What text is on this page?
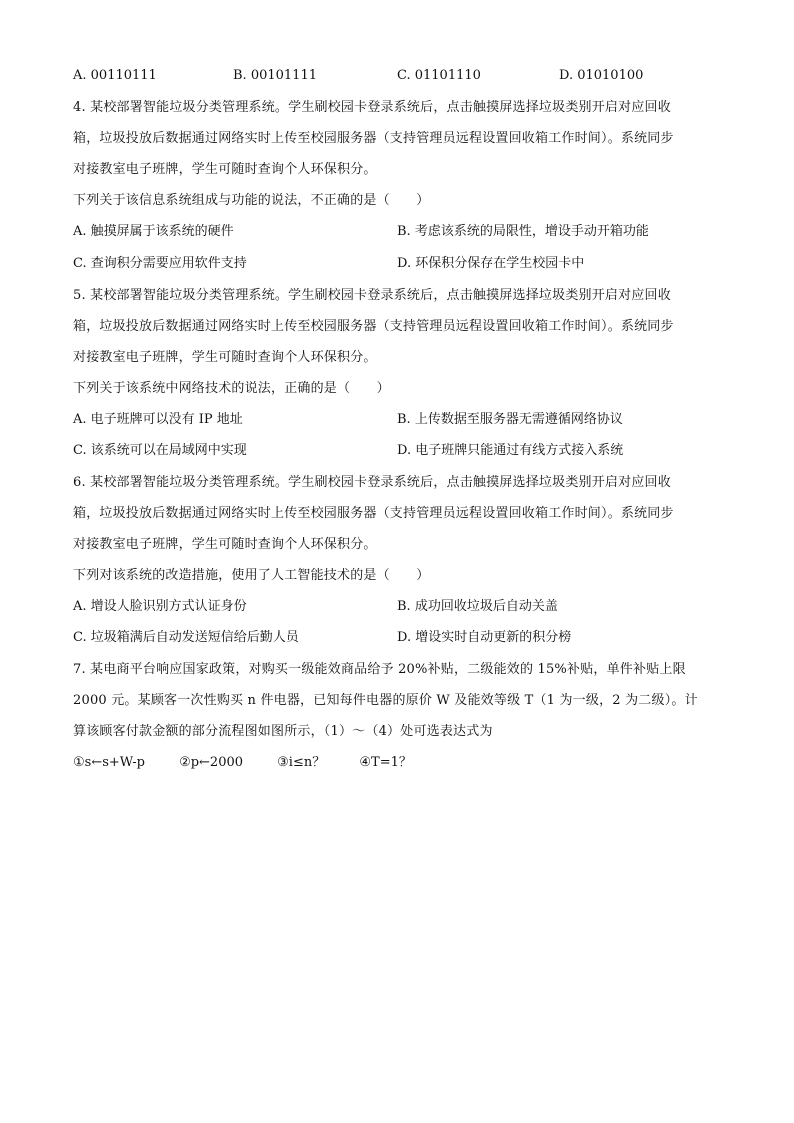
A. 00110111	B. 00101111	C. 01101110	D. 01010100
4. 某校部署智能垃圾分类管理系统。学生刷校园卡登录系统后，点击触摸屏选择垃圾类别开启对应回收
箱，垃圾投放后数据通过网络实时上传至校园服务器（支持管理员远程设置回收箱工作时间）。系统同步
对接教室电子班牌，学生可随时查询个人环保积分。
下列关于该信息系统组成与功能的说法，不正确的是（　　）
A. 触摸屏属于该系统的硬件	B. 考虑该系统的局限性，增设手动开箱功能
C. 查询积分需要应用软件支持	D. 环保积分保存在学生校园卡中
5. 某校部署智能垃圾分类管理系统。学生刷校园卡登录系统后，点击触摸屏选择垃圾类别开启对应回收
箱，垃圾投放后数据通过网络实时上传至校园服务器（支持管理员远程设置回收箱工作时间）。系统同步
对接教室电子班牌，学生可随时查询个人环保积分。
下列关于该系统中网络技术的说法，正确的是（　　）
A. 电子班牌可以没有 IP 地址	B. 上传数据至服务器无需遵循网络协议
C. 该系统可以在局域网中实现	D. 电子班牌只能通过有线方式接入系统
6. 某校部署智能垃圾分类管理系统。学生刷校园卡登录系统后，点击触摸屏选择垃圾类别开启对应回收
箱，垃圾投放后数据通过网络实时上传至校园服务器（支持管理员远程设置回收箱工作时间）。系统同步
对接教室电子班牌，学生可随时查询个人环保积分。
下列对该系统的改造措施，使用了人工智能技术的是（　　）
A. 增设人脸识别方式认证身份	B. 成功回收垃圾后自动关盖
C. 垃圾箱满后自动发送短信给后勤人员	D. 增设实时自动更新的积分榜
7. 某电商平台响应国家政策，对购买一级能效商品给予 20%补贴，二级能效的 15%补贴，单件补贴上限
2000 元。某顾客一次性购买 n 件电器，已知每件电器的原价 W 及能效等级 T（1 为一级，2 为二级）。计
算该顾客付款金额的部分流程图如图所示，（1）～（4）处可选表达式为
①s←s+W-p	②p←2000	③i≤n？	④T=1？
